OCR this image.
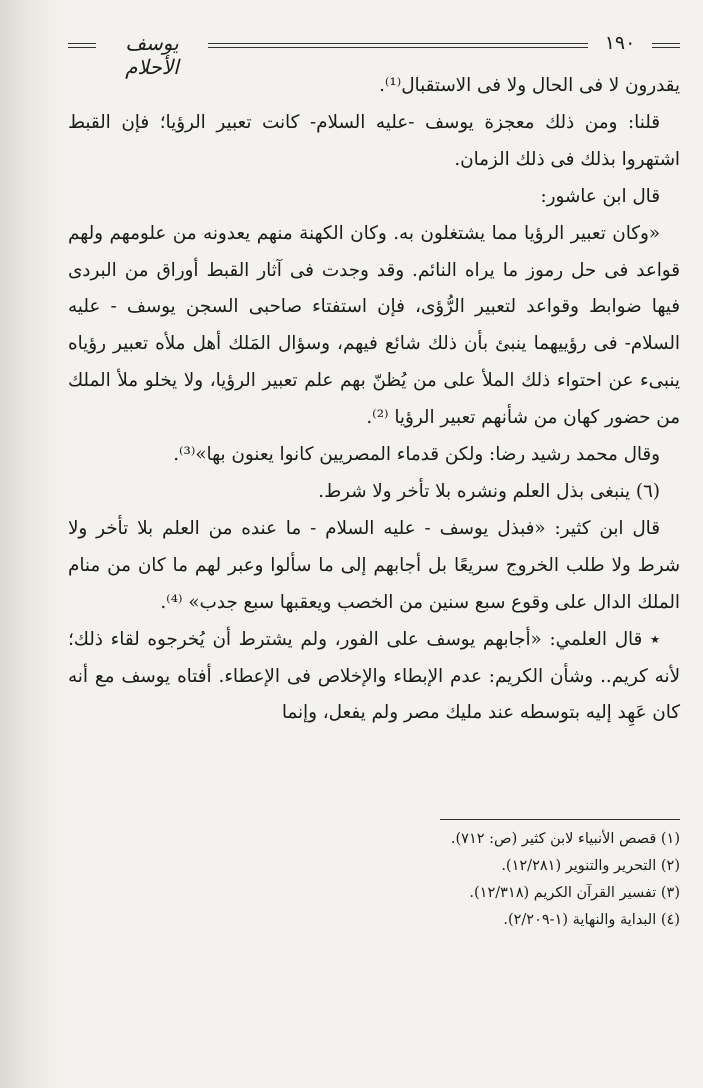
يوسف الأحلام
١٩٠

يقدرون لا فى الحال ولا فى الاستقبال⁽¹⁾.

قلنا: ومن ذلك معجزة يوسف -عليه السلام- كانت تعبير الرؤيا؛ فإن القبط اشتهروا بذلك فى ذلك الزمان.

قال ابن عاشور:

«وكان تعبير الرؤيا مما يشتغلون به. وكان الكهنة منهم يعدونه من علومهم ولهم قواعد فى حل رموز ما يراه النائم. وقد وجدت فى آثار القبط أوراق من البردى فيها ضوابط وقواعد لتعبير الرُّؤى، فإن استفتاء صاحبى السجن يوسف - عليه السلام- فى رؤييهما ينبئ بأن ذلك شائع فيهم، وسؤال المَلك أهل ملأه تعبير رؤياه ينبىء عن احتواء ذلك الملأ على من يُظنّ بهم علم تعبير الرؤيا، ولا يخلو ملأ الملك من حضور كهان من شأنهم تعبير الرؤيا ⁽²⁾.

وقال محمد رشيد رضا: ولكن قدماء المصريين كانوا يعنون بها»⁽³⁾.

(٦) ينبغى بذل العلم ونشره بلا تأخر ولا شرط.

قال ابن كثير: «فبذل يوسف - عليه السلام - ما عنده من العلم بلا تأخر ولا شرط ولا طلب الخروج سريعًا بل أجابهم إلى ما سألوا وعبر لهم ما كان من منام الملك الدال على وقوع سبع سنين من الخصب ويعقبها سبع جدب» ⁽⁴⁾.

٭ قال العلمي: «أجابهم يوسف على الفور، ولم يشترط أن يُخرجوه لقاء ذلك؛ لأنه كريم.. وشأن الكريم: عدم الإبطاء والإخلاص فى الإعطاء. أفتاه يوسف مع أنه كان عَهِد إليه بتوسطه عند مليك مصر ولم يفعل، وإنما

(١) قصص الأنبياء لابن كثير (ص: ٧١٢).

(٢) التحرير والتنوير (١٢/٢٨١).

(٣) تفسير القرآن الكريم (١٢/٣١٨).

(٤) البداية والنهاية (١-٢/٢٠٩).
